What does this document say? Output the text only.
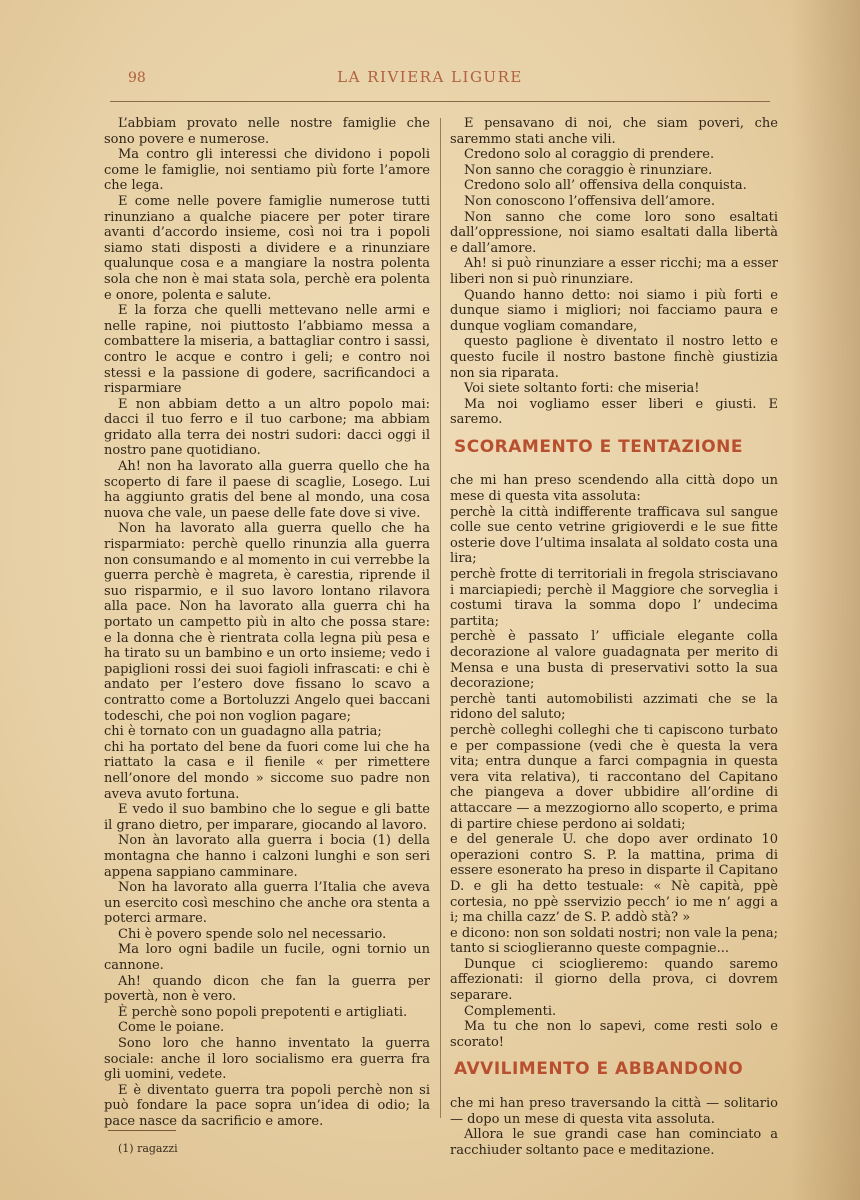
98	LA RIVIERA LIGURE

L’abbiam provato nelle nostre famiglie che sono povere e numerose.

Ma contro gli interessi che dividono i popoli come le famiglie, noi sentiamo più forte l’amore che lega.

E come nelle povere famiglie numerose tutti rinunziano a qualche piacere per poter tirare avanti d’accordo insieme, così noi tra i popoli siamo stati disposti a dividere e a rinunziare qualunque cosa e a mangiare la nostra polenta sola che non è mai stata sola, perchè era polenta e onore, polenta e salute.

E la forza che quelli mettevano nelle armi e nelle rapine, noi piuttosto l’abbiamo messa a combattere la miseria, a battagliar contro i sassi, contro le acque e contro i geli; e contro noi stessi e la passione di godere, sacrificandoci a risparmiare

E non abbiam detto a un altro popolo mai: dacci il tuo ferro e il tuo carbone; ma abbiam gridato alla terra dei nostri sudori: dacci oggi il nostro pane quotidiano.

Ah! non ha lavorato alla guerra quello che ha scoperto di fare il paese di scaglie, Losego. Lui ha aggiunto gratis del bene al mondo, una cosa nuova che vale, un paese delle fate dove si vive.

Non ha lavorato alla guerra quello che ha risparmiato: perchè quello rinunzia alla guerra non consumando e al momento in cui verrebbe la guerra perchè è magreta, è carestia, riprende il suo risparmio, e il suo lavoro lontano rilavora alla pace. Non ha lavorato alla guerra chi ha portato un campetto più in alto che possa stare: e la donna che è rientrata colla legna più pesa e ha tirato su un bambino e un orto insieme; vedo i papiglioni rossi dei suoi fagioli infrascati: e chi è andato per l’estero dove fissano lo scavo a contratto come a Bortoluzzi Angelo quei baccani todeschi, che poi non voglion pagare;

chi è tornato con un guadagno alla patria;

chi ha portato del bene da fuori come lui che ha riattato la casa e il fienile « per rimettere nell’onore del mondo » siccome suo padre non aveva avuto fortuna.

E vedo il suo bambino che lo segue e gli batte il grano dietro, per imparare, giocando al lavoro.

Non àn lavorato alla guerra i bocia (1) della montagna che hanno i calzoni lunghi e son seri appena sappiano camminare.

Non ha lavorato alla guerra l’Italia che aveva un esercito così meschino che anche ora stenta a poterci armare.

Chi è povero spende solo nel necessario.

Ma loro ogni badile un fucile, ogni tornio un cannone.

Ah! quando dicon che fan la guerra per povertà, non è vero.

È perchè sono popoli prepotenti e artigliati.

Come le poiane.

Sono loro che hanno inventato la guerra sociale: anche il loro socialismo era guerra fra gli uomini, vedete.

E è diventato guerra tra popoli perchè non si può fondare la pace sopra un’idea di odio; la pace nasce da sacrificio e amore.

E pensavano di noi, che siam poveri, che saremmo stati anche vili.

Credono solo al coraggio di prendere.

Non sanno che coraggio è rinunziare.

Credono solo all’ offensiva della conquista.

Non conoscono l’offensiva dell’amore.

Non sanno che come loro sono esaltati dall’oppressione, noi siamo esaltati dalla libertà e dall’amore.

Ah! si può rinunziare a esser ricchi; ma a esser liberi non si può rinunziare.

Quando hanno detto: noi siamo i più forti e dunque siamo i migliori; noi facciamo paura e dunque vogliam comandare,

questo paglione è diventato il nostro letto e questo fucile il nostro bastone finchè giustizia non sia riparata.

Voi siete soltanto forti: che miseria!

Ma noi vogliamo esser liberi e giusti. E saremo.

SCORAMENTO E TENTAZIONE

che mi han preso scendendo alla città dopo un mese di questa vita assoluta:

perchè la città indifferente trafficava sul sangue colle sue cento vetrine grigioverdi e le sue fitte osterie dove l’ultima insalata al soldato costa una lira;

perchè frotte di territoriali in fregola strisciavano i marciapiedi; perchè il Maggiore che sorveglia i costumi tirava la somma dopo l’ undecima partita;

perchè è passato l’ ufficiale elegante colla decorazione al valore guadagnata per merito di Mensa e una busta di preservativi sotto la sua decorazione;

perchè tanti automobilisti azzimati che se la ridono del saluto;

perchè colleghi colleghi che ti capiscono turbato e per compassione (vedi che è questa la vera vita; entra dunque a farci compagnia in questa vera vita relativa), ti raccontano del Capitano che piangeva a dover ubbidire all’ordine di attaccare — a mezzogiorno allo scoperto, e prima di partire chiese perdono ai soldati;

e del generale U. che dopo aver ordinato 10 operazioni contro S. P. la mattina, prima di essere esonerato ha preso in disparte il Capitano D. e gli ha detto testuale: « Nè capità, ppè cortesia, no ppè sservizio pecch’ io me n’ aggi a i; ma chilla cazz’ de S. P. addò stà? »

e dicono: non son soldati nostri; non vale la pena; tanto si scioglieranno queste compagnie...

Dunque ci scioglieremo: quando saremo affezionati: il giorno della prova, ci dovrem separare.

Complementi.

Ma tu che non lo sapevi, come resti solo e scorato!

AVVILIMENTO E ABBANDONO

che mi han preso traversando la città — solitario — dopo un mese di questa vita assoluta.

Allora le sue grandi case han cominciato a racchiuder soltanto pace e meditazione.

(1) ragazzi
